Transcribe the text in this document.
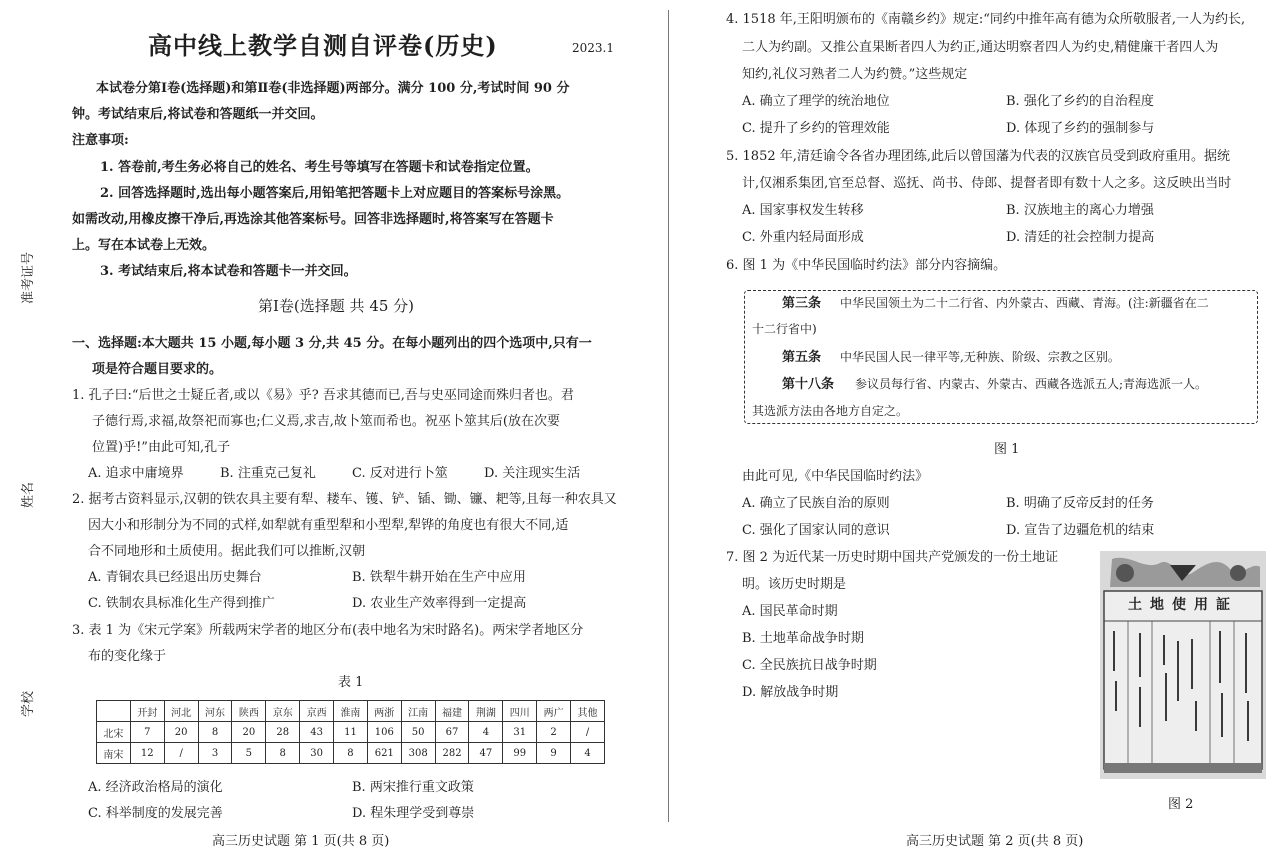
准考证号
姓名
学校
高中线上教学自测自评卷(历史)	2023.1
本试卷分第Ⅰ卷(选择题)和第Ⅱ卷(非选择题)两部分。满分 100 分,考试时间 90 分
钟。考试结束后,将试卷和答题纸一并交回。
注意事项:
1. 答卷前,考生务必将自己的姓名、考生号等填写在答题卡和试卷指定位置。
2. 回答选择题时,选出每小题答案后,用铅笔把答题卡上对应题目的答案标号涂黑。
如需改动,用橡皮擦干净后,再选涂其他答案标号。回答非选择题时,将答案写在答题卡
上。写在本试卷上无效。
3. 考试结束后,将本试卷和答题卡一并交回。
第Ⅰ卷(选择题 共 45 分)
一、选择题:本大题共 15 小题,每小题 3 分,共 45 分。在每小题列出的四个选项中,只有一
项是符合题目要求的。
1. 孔子曰:“后世之士疑丘者,或以《易》乎? 吾求其德而已,吾与史巫同途而殊归者也。君
子德行焉,求福,故祭祀而寡也;仁义焉,求吉,故卜筮而希也。祝巫卜筮其后(放在次要
位置)乎!”由此可知,孔子
A. 追求中庸境界	B. 注重克己复礼	C. 反对进行卜筮	D. 关注现实生活
2. 据考古资料显示,汉朝的铁农具主要有犁、耧车、镬、铲、锸、锄、镰、耙等,且每一种农具又
因大小和形制分为不同的式样,如犁就有重型犁和小型犁,犁铧的角度也有很大不同,适
合不同地形和土质使用。据此我们可以推断,汉朝
A. 青铜农具已经退出历史舞台	B. 铁犁牛耕开始在生产中应用
C. 铁制农具标准化生产得到推广	D. 农业生产效率得到一定提高
3. 表 1 为《宋元学案》所载两宋学者的地区分布(表中地名为宋时路名)。两宋学者地区分
布的变化缘于
表 1
	开封	河北	河东	陕西	京东	京西	淮南	两浙	江南	福建	荆湖	四川	两广	其他
北宋	7	20	8	20	28	43	11	106	50	67	4	31	2	/
南宋	12	/	3	5	8	30	8	621	308	282	47	99	9	4
A. 经济政治格局的演化	B. 两宋推行重文政策
C. 科举制度的发展完善	D. 程朱理学受到尊崇
高三历史试题 第 1 页(共 8 页)
4. 1518 年,王阳明颁布的《南赣乡约》规定:“同约中推年高有德为众所敬服者,一人为约长,
二人为约副。又推公直果断者四人为约正,通达明察者四人为约史,精健廉干者四人为
知约,礼仪习熟者二人为约赞。”这些规定
A. 确立了理学的统治地位	B. 强化了乡约的自治程度
C. 提升了乡约的管理效能	D. 体现了乡约的强制参与
5. 1852 年,清廷谕令各省办理团练,此后以曾国藩为代表的汉族官员受到政府重用。据统
计,仅湘系集团,官至总督、巡抚、尚书、侍郎、提督者即有数十人之多。这反映出当时
A. 国家事权发生转移	B. 汉族地主的离心力增强
C. 外重内轻局面形成	D. 清廷的社会控制力提高
6. 图 1 为《中华民国临时约法》部分内容摘编。
第三条 中华民国领土为二十二行省、内外蒙古、西藏、青海。(注:新疆省在二
十二行省中)
第五条 中华民国人民一律平等,无种族、阶级、宗教之区别。
第十八条 参议员每行省、内蒙古、外蒙古、西藏各选派五人;青海选派一人。
其选派方法由各地方自定之。
图 1
由此可见,《中华民国临时约法》
A. 确立了民族自治的原则	B. 明确了反帝反封的任务
C. 强化了国家认同的意识	D. 宣告了边疆危机的结束
7. 图 2 为近代某一历史时期中国共产党颁发的一份土地证
明。该历史时期是
A. 国民革命时期
B. 土地革命战争时期
C. 全民族抗日战争时期
D. 解放战争时期
土地使用証
图 2
高三历史试题 第 2 页(共 8 页)
